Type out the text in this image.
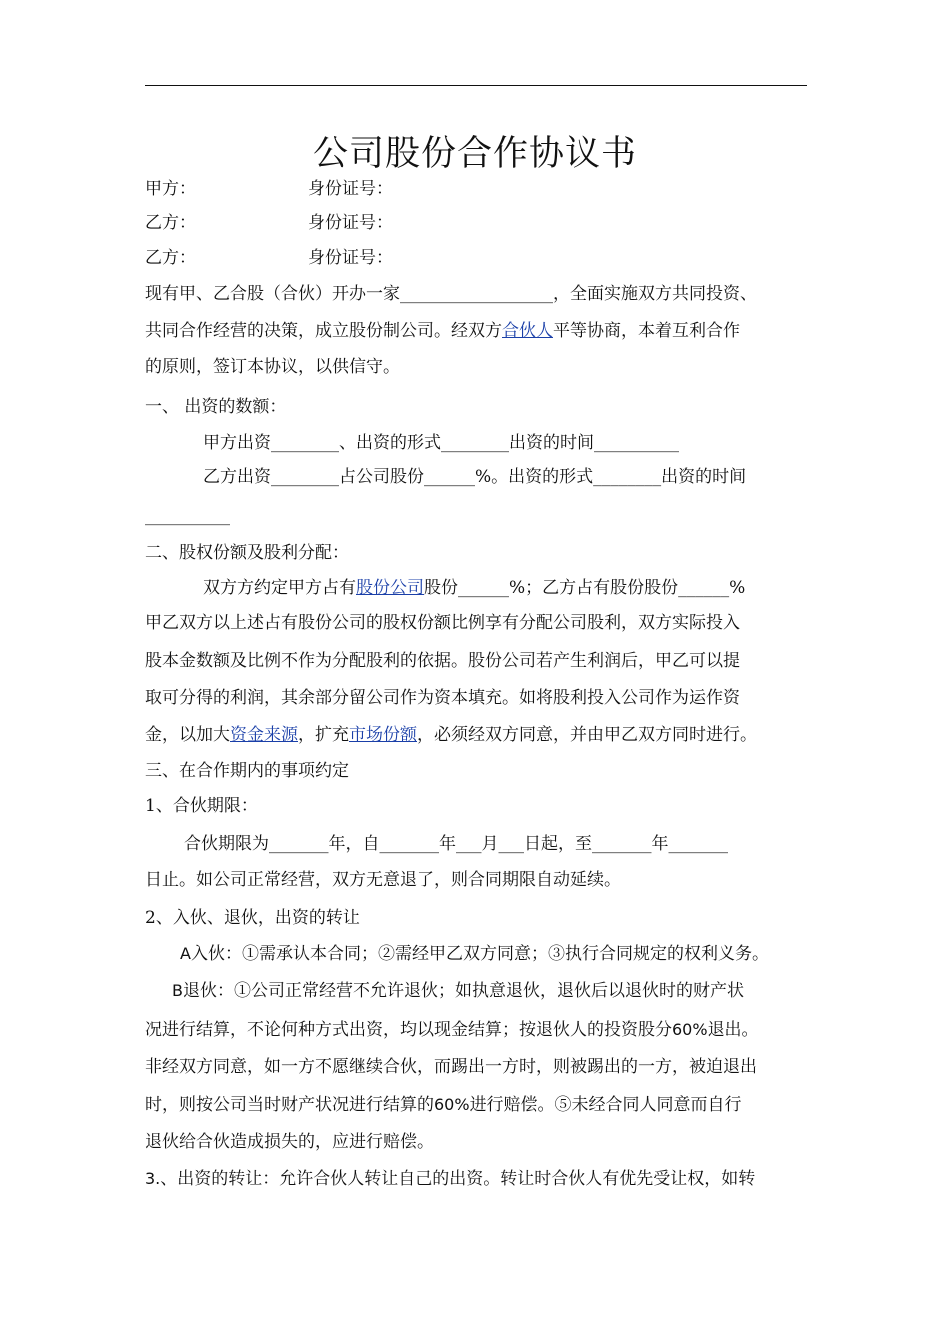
公司股份合作协议书
甲方：	身份证号：
乙方：	身份证号：
乙方：	身份证号：
现有甲、乙合股（合伙）开办一家__________________，全面实施双方共同投资、
共同合作经营的决策，成立股份制公司。经双方合伙人平等协商，本着互利合作
的原则，签订本协议，以供信守。
一、 出资的数额：
甲方出资________、出资的形式________出资的时间__________
乙方出资________占公司股份______%。出资的形式________出资的时间
__________
二、股权份额及股利分配：
双方方约定甲方占有股份公司股份______%；乙方占有股份股份______%
甲乙双方以上述占有股份公司的股权份额比例享有分配公司股利，双方实际投入
股本金数额及比例不作为分配股利的依据。股份公司若产生利润后，甲乙可以提
取可分得的利润，其余部分留公司作为资本填充。如将股利投入公司作为运作资
金，以加大资金来源，扩充市场份额，必须经双方同意，并由甲乙双方同时进行。
三、在合作期内的事项约定
1、合伙期限：
合伙期限为_______年，自_______年___月___日起，至_______年_______
日止。如公司正常经营，双方无意退了，则合同期限自动延续。
2、入伙、退伙，出资的转让
A入伙：①需承认本合同；②需经甲乙双方同意；③执行合同规定的权利义务。
B退伙：①公司正常经营不允许退伙；如执意退伙，退伙后以退伙时的财产状
况进行结算，不论何种方式出资，均以现金结算；按退伙人的投资股分60%退出。
非经双方同意，如一方不愿继续合伙，而踢出一方时，则被踢出的一方，被迫退出
时，则按公司当时财产状况进行结算的60%进行赔偿。⑤未经合同人同意而自行
退伙给合伙造成损失的，应进行赔偿。
3.、出资的转让：允许合伙人转让自己的出资。转让时合伙人有优先受让权，如转
